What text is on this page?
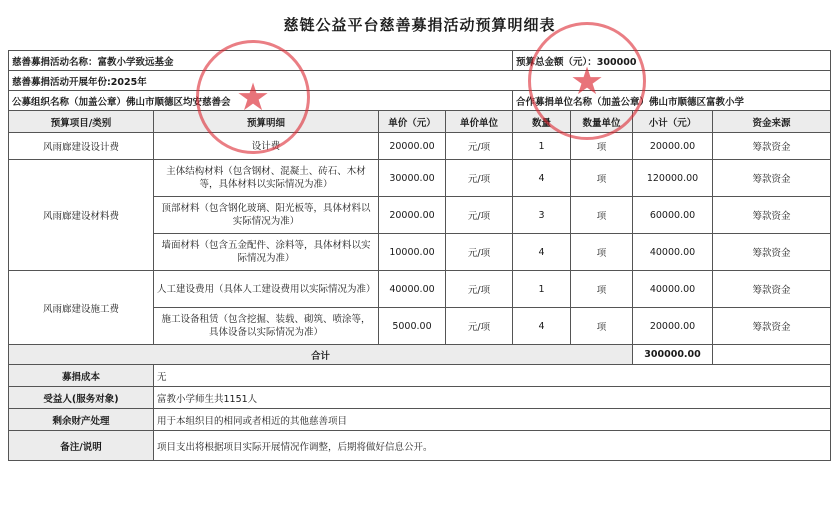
慈链公益平台慈善募捐活动预算明细表
慈善募捐活动名称：富教小学致远基金				预算总金额（元）：300000			
慈善募捐活动开展年份:2025年							
公募组织名称（加盖公章）佛山市顺德区均安慈善会				合作募捐单位名称（加盖公章）佛山市顺德区富教小学			
预算项目/类别	预算明细	单价（元）	单价单位	数量	数量单位	小计（元）	资金来源
风雨廊建设设计费	设计费	20000.00	元/项	1	项	20000.00	筹款资金
风雨廊建设材料费	主体结构材料（包含钢材、混凝土、砖石、木材等，具体材料以实际情况为准）	30000.00	元/项	4	项	120000.00	筹款资金
	顶部材料（包含钢化玻璃、阳光板等，具体材料以实际情况为准）	20000.00	元/项	3	项	60000.00	筹款资金
	墙面材料（包含五金配件、涂料等，具体材料以实际情况为准）	10000.00	元/项	4	项	40000.00	筹款资金
风雨廊建设施工费	人工建设费用（具体人工建设费用以实际情况为准）	40000.00	元/项	1	项	40000.00	筹款资金
	施工设备租赁（包含挖掘、装载、砌筑、喷涂等，具体设备以实际情况为准）	5000.00	元/项	4	项	20000.00	筹款资金
合计						300000.00	
募捐成本	无						
受益人(服务对象)	富教小学师生共1151人						
剩余财产处理	用于本组织目的相同或者相近的其他慈善项目						
备注/说明	项目支出将根据项目实际开展情况作调整，后期将做好信息公开。						
★	★
